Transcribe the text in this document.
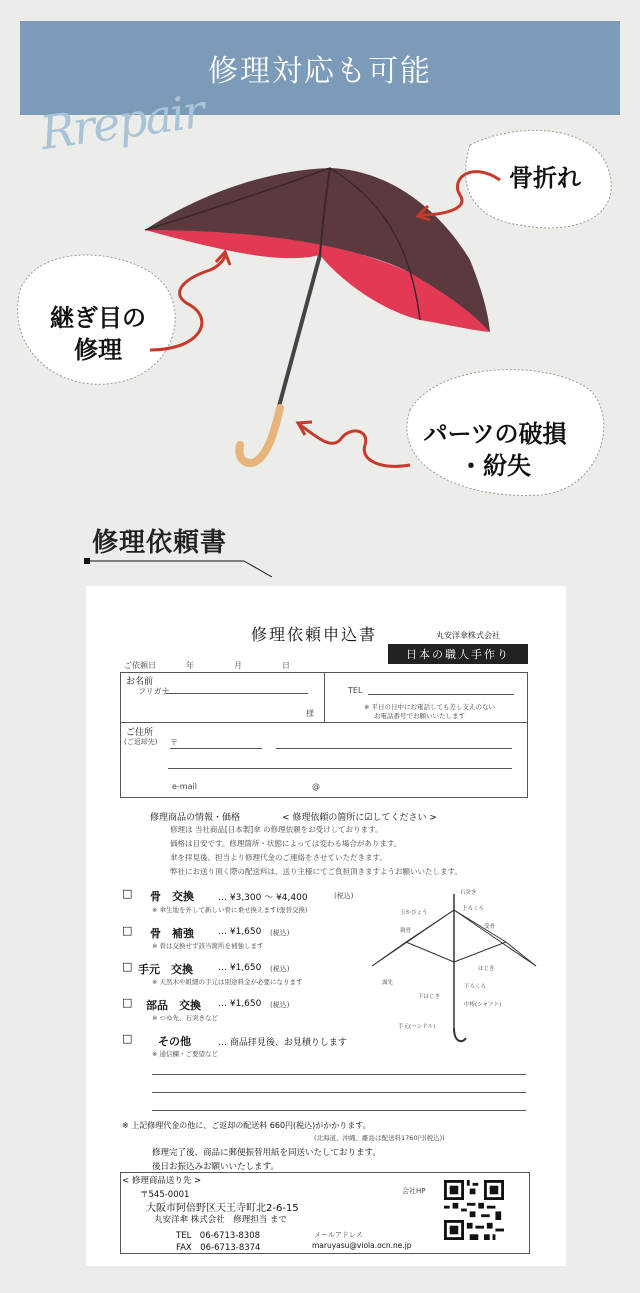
修理対応も可能
Rrepair
骨折れ
継ぎ目の
修理
パーツの破損
・紛失
修理依頼書
修理依頼申込書	丸安洋傘株式会社
日本の職人手作り
ご依頼日	年	月	日
お名前
フリガナ
様
TEL
※ 平日の日中にお電話しても差し支えのない
お電話番号でお願いいたします
ご住所
(ご返却先) 〒
e-mail	@
修理商品の情報・価格	< 修理依頼の箇所に☑してください >
修理は 当社商品[日本製]傘 の修理依頼をお受けしております。
価格は目安です。修理箇所・状態によっては変わる場合があります。
傘を拝見後、担当より修理代金のご連絡をさせていただきます。
弊社にお送り頂く際の配送料は、送り主様にてご負担頂きますようお願いいたします。
□ 骨　交換	… ¥3,300 ～ ¥4,400	(税込)
※ 傘生地を外して新しい骨に乗せ換えます(張替交換)
□ 骨　補強	… ¥1,650 (税込)
※ 骨は交換せず該当箇所を補強します
□ 手元　交換	… ¥1,650 (税込)
※ 天然木や組細の手元は別途料金が必要になります
□ 部品　交換 … ¥1,650 (税込)
※ つゆ先、石突きなど
□ その他	… 商品拝見後、お見積りします
※ 通信欄・ご要望など
石突き
上ろくろ
玉かぴょう
親骨
露先
受骨
はじき
下ろくろ
下はじき
中棒(シャフト)
手元(ハンドル)
※ 上記修理代金の他に、ご返却の配送料 660円(税込)がかかります。
(北海道、沖縄、離島は配送料1760円(税込))
修理完了後、商品に郵便振替用紙を同送いたしております。
後日お振込みお願いいたします。
< 修理商品送り先 >
〒545-0001
大阪市阿倍野区天王寺町北2-6-15
丸安洋傘 株式会社　修理担当 まで
TEL　06-6713-8308
FAX　06-6713-8374
会社HP
メールアドレス
maruyasu@viola.ocn.ne.jp
